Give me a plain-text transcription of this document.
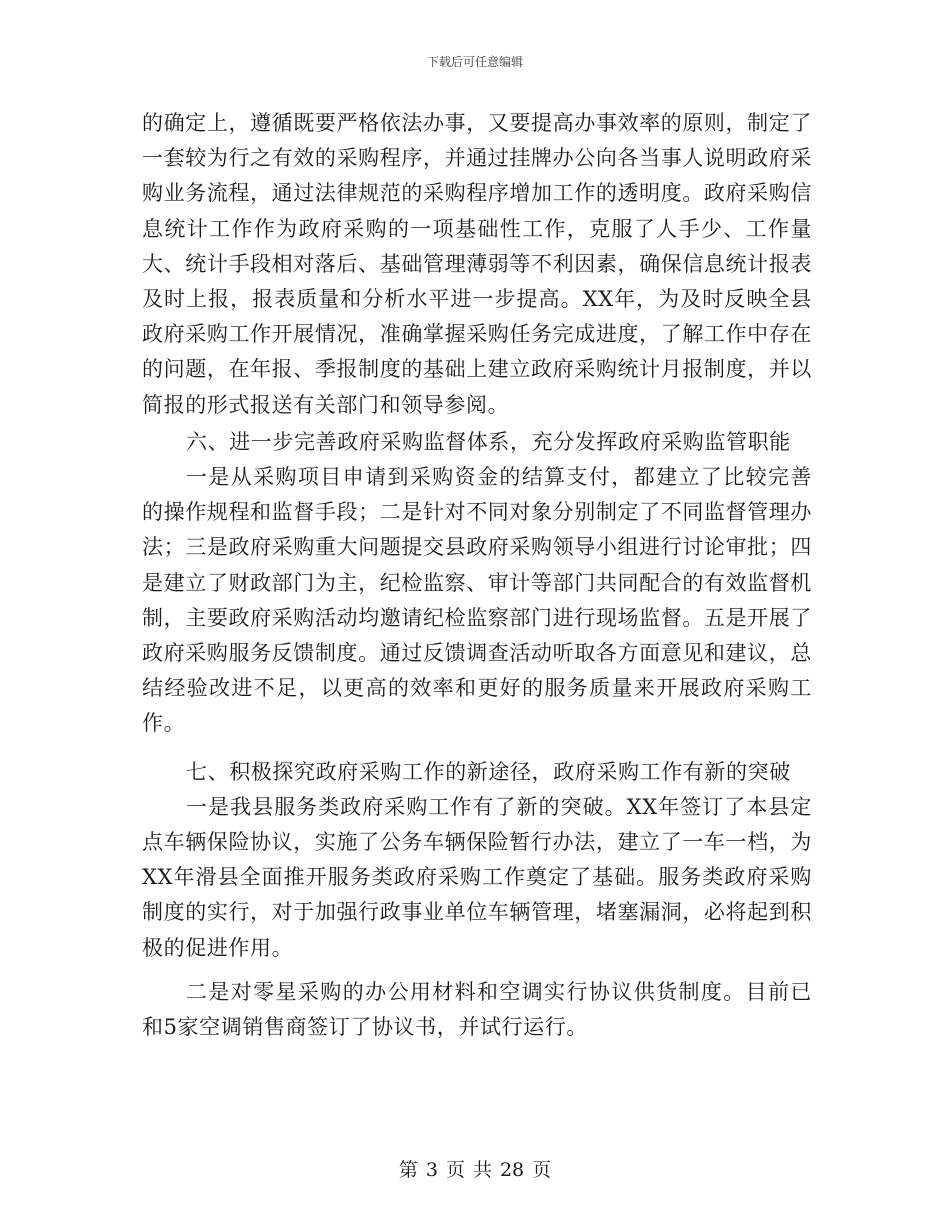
下载后可任意编辑

的确定上，遵循既要严格依法办事，又要提高办事效率的原则，制定了一套较为行之有效的采购程序，并通过挂牌办公向各当事人说明政府采购业务流程，通过法律规范的采购程序增加工作的透明度。政府采购信息统计工作作为政府采购的一项基础性工作，克服了人手少、工作量大、统计手段相对落后、基础管理薄弱等不利因素，确保信息统计报表及时上报，报表质量和分析水平进一步提高。XX年，为及时反映全县政府采购工作开展情况，准确掌握采购任务完成进度，了解工作中存在的问题，在年报、季报制度的基础上建立政府采购统计月报制度，并以简报的形式报送有关部门和领导参阅。

六、进一步完善政府采购监督体系，充分发挥政府采购监管职能

一是从采购项目申请到采购资金的结算支付，都建立了比较完善的操作规程和监督手段；二是针对不同对象分别制定了不同监督管理办法；三是政府采购重大问题提交县政府采购领导小组进行讨论审批；四是建立了财政部门为主，纪检监察、审计等部门共同配合的有效监督机制，主要政府采购活动均邀请纪检监察部门进行现场监督。五是开展了政府采购服务反馈制度。通过反馈调查活动听取各方面意见和建议，总结经验改进不足，以更高的效率和更好的服务质量来开展政府采购工作。

七、积极探究政府采购工作的新途径，政府采购工作有新的突破

一是我县服务类政府采购工作有了新的突破。XX年签订了本县定点车辆保险协议，实施了公务车辆保险暂行办法，建立了一车一档，为XX年滑县全面推开服务类政府采购工作奠定了基础。服务类政府采购制度的实行，对于加强行政事业单位车辆管理，堵塞漏洞，必将起到积极的促进作用。

二是对零星采购的办公用材料和空调实行协议供货制度。目前已和5家空调销售商签订了协议书，并试行运行。

第 3 页 共 28 页
